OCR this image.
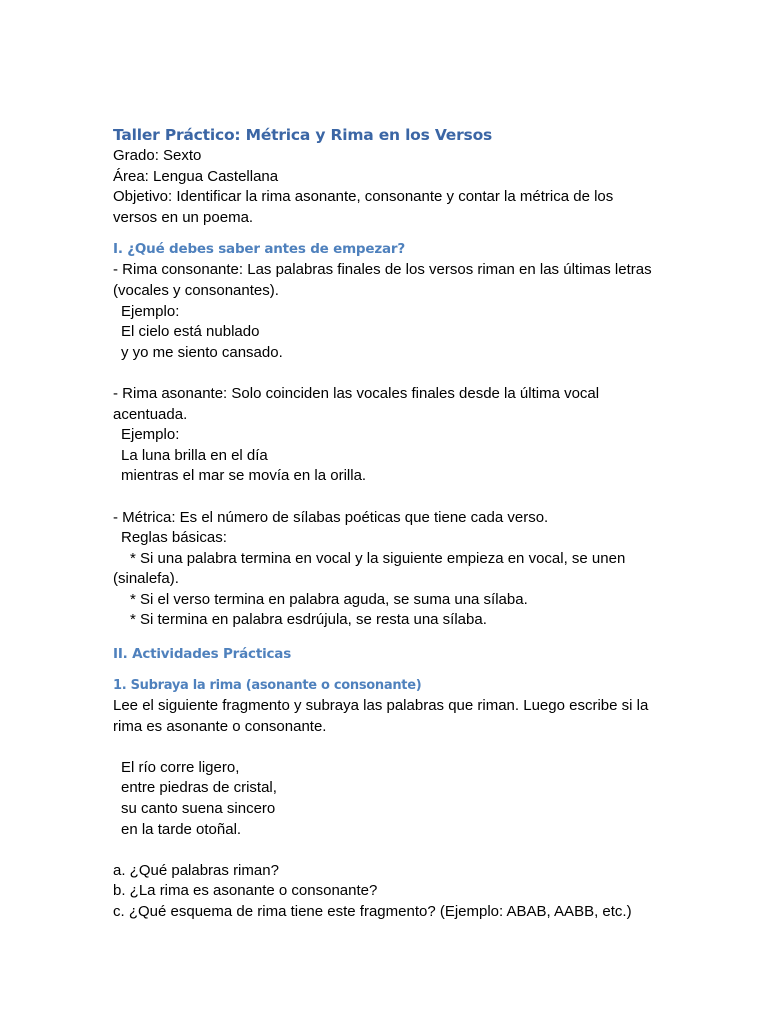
Taller Práctico: Métrica y Rima en los Versos

Grado: Sexto

Área: Lengua Castellana

Objetivo: Identificar la rima asonante, consonante y contar la métrica de los

versos en un poema.

I. ¿Qué debes saber antes de empezar?

- Rima consonante: Las palabras finales de los versos riman en las últimas letras

(vocales y consonantes).

Ejemplo:

El cielo está nublado

y yo me siento cansado.

- Rima asonante: Solo coinciden las vocales finales desde la última vocal

acentuada.

Ejemplo:

La luna brilla en el día

mientras el mar se movía en la orilla.

- Métrica: Es el número de sílabas poéticas que tiene cada verso.

Reglas básicas:

* Si una palabra termina en vocal y la siguiente empieza en vocal, se unen

(sinalefa).

* Si el verso termina en palabra aguda, se suma una sílaba.

* Si termina en palabra esdrújula, se resta una sílaba.

II. Actividades Prácticas
1. Subraya la rima (asonante o consonante)

Lee el siguiente fragmento y subraya las palabras que riman. Luego escribe si la

rima es asonante o consonante.

El río corre ligero,

entre piedras de cristal,

su canto suena sincero

en la tarde otoñal.

a. ¿Qué palabras riman?

b. ¿La rima es asonante o consonante?

c. ¿Qué esquema de rima tiene este fragmento? (Ejemplo: ABAB, AABB, etc.)
